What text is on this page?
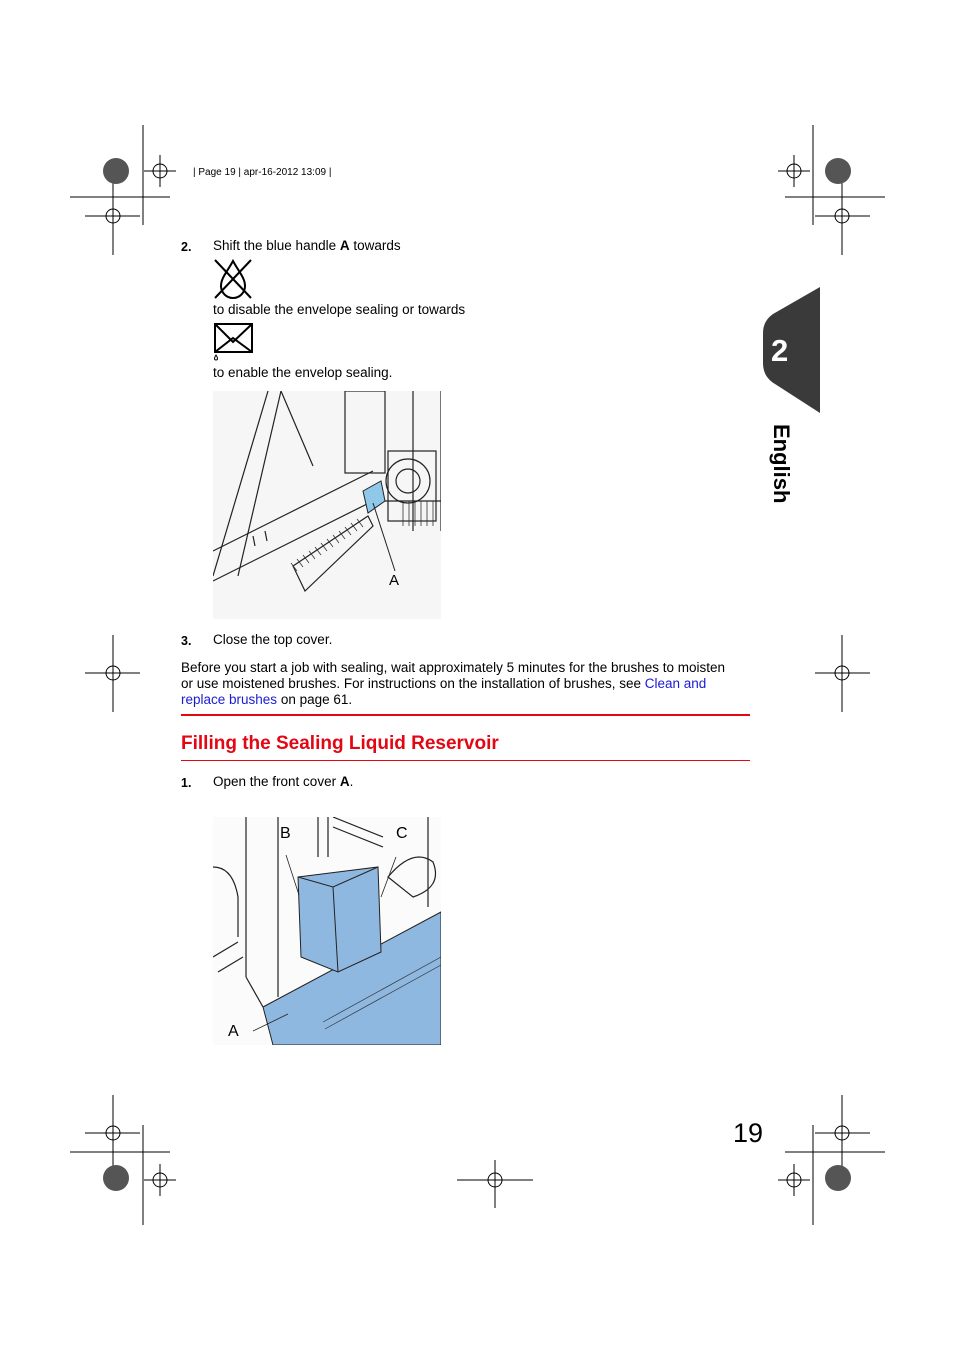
| Page 19 | apr-16-2012 13:09 |
2
English
2. Shift the blue handle A towards
to disable the envelope sealing or towards
to enable the envelop sealing.
A
3. Close the top cover.
Before you start a job with sealing, wait approximately 5 minutes for the brushes to moisten
or use moistened brushes. For instructions on the installation of brushes, see Clean and
replace brushes on page 61.
Filling the Sealing Liquid Reservoir
1. Open the front cover A.
B	C
A
19
